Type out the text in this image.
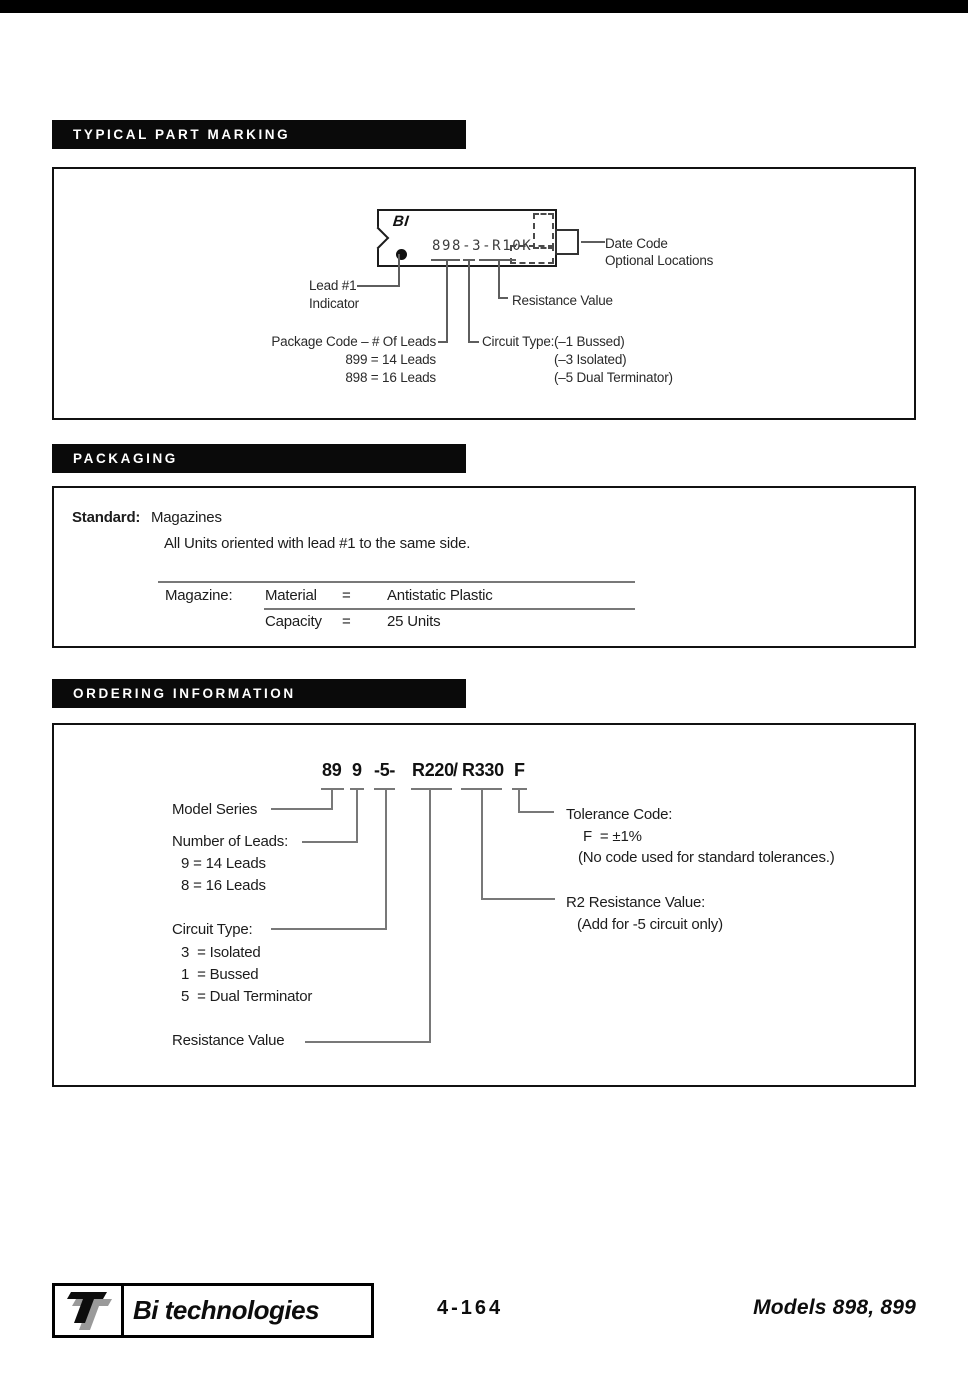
TYPICAL PART MARKING
BI
898-3-R10K	Date Code
Optional Locations
Lead #1
Indicator	Resistance Value
Package Code – # Of Leads
899 = 14 Leads
898 = 16 Leads
Circuit Type: (–1 Bussed)
(–3 Isolated)
(–5 Dual Terminator)
PACKAGING
Standard: Magazines
All Units oriented with lead #1 to the same side.
Magazine: Material = Antistatic Plastic
Capacity = 25 Units
ORDERING INFORMATION
89 9 -5- R220 / R330 F
Model Series
Number of Leads:
9 = 14 Leads
8 = 16 Leads
Circuit Type:
3  = Isolated
1  = Bussed
5  = Dual Terminator
Resistance Value
Tolerance Code:
F  = ±1%
(No code used for standard tolerances.)
R2 Resistance Value:
(Add for -5 circuit only)
Bi technologies	4-164	Models 898, 899
